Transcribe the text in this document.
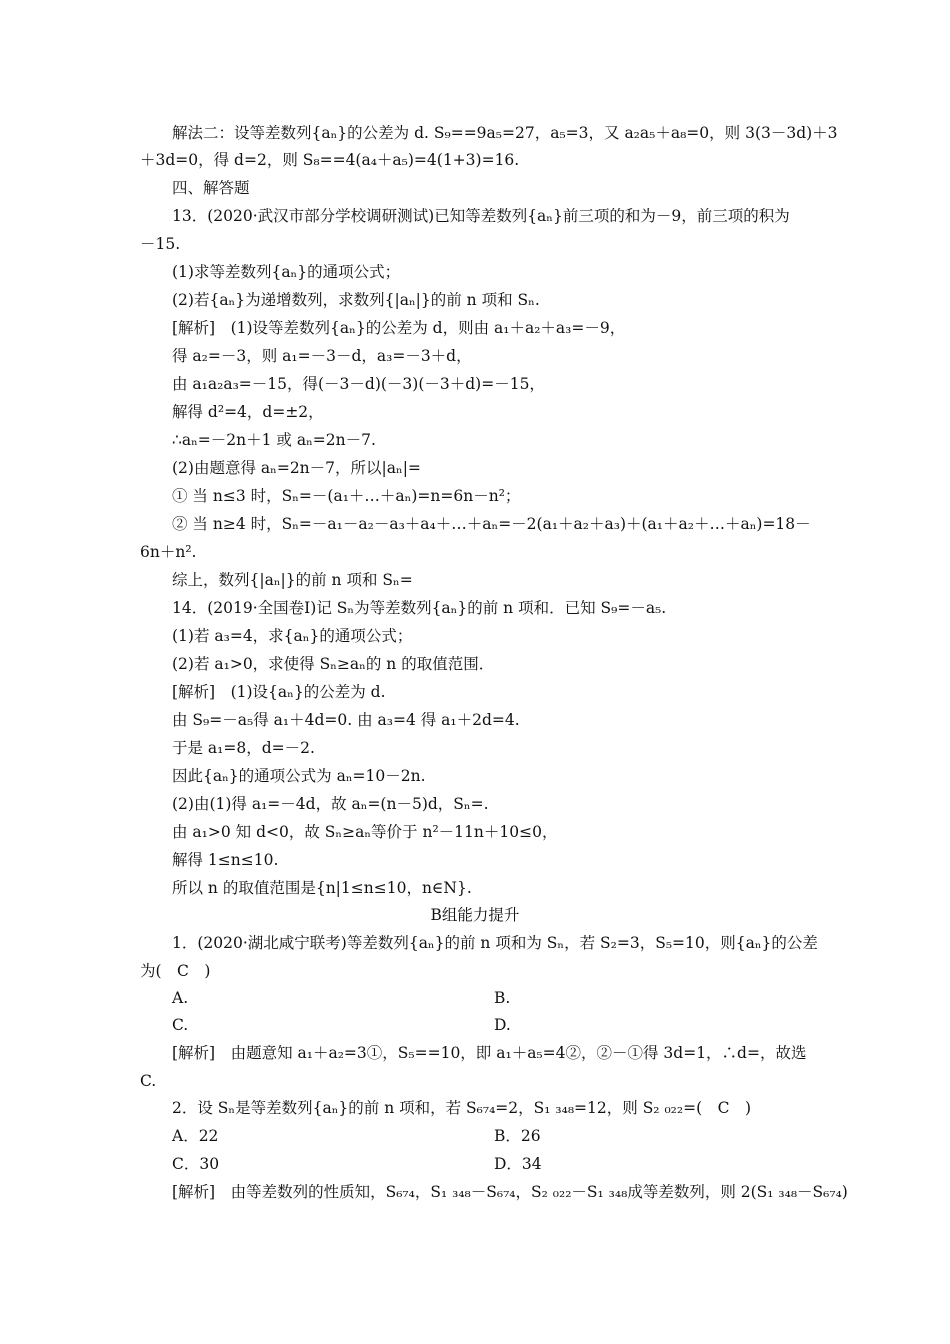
解法二：设等差数列{aₙ}的公差为 d. S₉==9a₅=27，a₅=3，又 a₂a₅＋a₈=0，则 3(3－3d)＋3
＋3d=0，得 d=2，则 S₈==4(a₄＋a₅)=4(1+3)=16.
四、解答题
13．(2020·武汉市部分学校调研测试)已知等差数列{aₙ}前三项的和为－9，前三项的积为
－15.
(1)求等差数列{aₙ}的通项公式；
(2)若{aₙ}为递增数列，求数列{|aₙ|}的前 n 项和 Sₙ.
[解析]　(1)设等差数列{aₙ}的公差为 d，则由 a₁＋a₂＋a₃=－9，
得 a₂=－3，则 a₁=－3－d，a₃=－3＋d，
由 a₁a₂a₃=－15，得(－3－d)(－3)(－3＋d)=－15，
解得 d²=4，d=±2，
∴aₙ=－2n＋1 或 aₙ=2n－7.
(2)由题意得 aₙ=2n－7，所以|aₙ|=
① 当 n≤3 时，Sₙ=－(a₁＋…＋aₙ)=n=6n－n²；
② 当 n≥4 时，Sₙ=－a₁－a₂－a₃＋a₄＋…＋aₙ=－2(a₁＋a₂＋a₃)＋(a₁＋a₂＋…＋aₙ)=18－
6n＋n².
综上，数列{|aₙ|}的前 n 项和 Sₙ=
14．(2019·全国卷Ⅰ)记 Sₙ为等差数列{aₙ}的前 n 项和．已知 S₉=－a₅.
(1)若 a₃=4，求{aₙ}的通项公式；
(2)若 a₁>0，求使得 Sₙ≥aₙ的 n 的取值范围．
[解析]　(1)设{aₙ}的公差为 d.
由 S₉=－a₅得 a₁＋4d=0. 由 a₃=4 得 a₁＋2d=4.
于是 a₁=8，d=－2.
因此{aₙ}的通项公式为 aₙ=10－2n.
(2)由(1)得 a₁=－4d，故 aₙ=(n－5)d，Sₙ=.
由 a₁>0 知 d<0，故 Sₙ≥aₙ等价于 n²－11n＋10≤0，
解得 1≤n≤10.
所以 n 的取值范围是{n|1≤n≤10，n∈N}.
B组能力提升
1．(2020·湖北咸宁联考)等差数列{aₙ}的前 n 项和为 Sₙ，若 S₂=3，S₅=10，则{aₙ}的公差
为(　C　)
A.	B.
C.	D.
[解析]　由题意知 a₁＋a₂=3①，S₅==10，即 a₁＋a₅=4②，②－①得 3d=1，∴d=，故选
C.
2．设 Sₙ是等差数列{aₙ}的前 n 项和，若 S₆₇₄=2，S₁ ₃₄₈=12，则 S₂ ₀₂₂=(　C　)
A．22	B．26
C．30	D．34
[解析]　由等差数列的性质知，S₆₇₄，S₁ ₃₄₈－S₆₇₄，S₂ ₀₂₂－S₁ ₃₄₈成等差数列，则 2(S₁ ₃₄₈－S₆₇₄)
